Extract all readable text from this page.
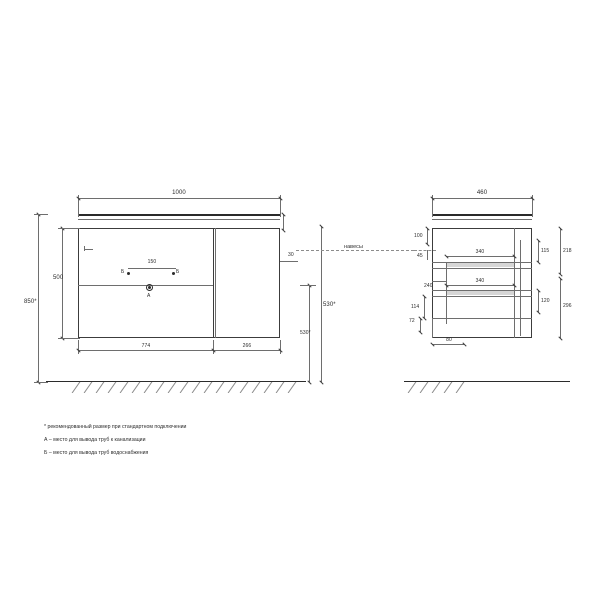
150
Б	Б
A
1000
500
850*
774	266
30
530*
530*
460
100
45
240
114
72
340
340
115	218
120
296
80
навесы
* рекомендованный размер при стандартном подключении
А – место для вывода труб к канализации
Б – место для вывода труб водоснабжения
